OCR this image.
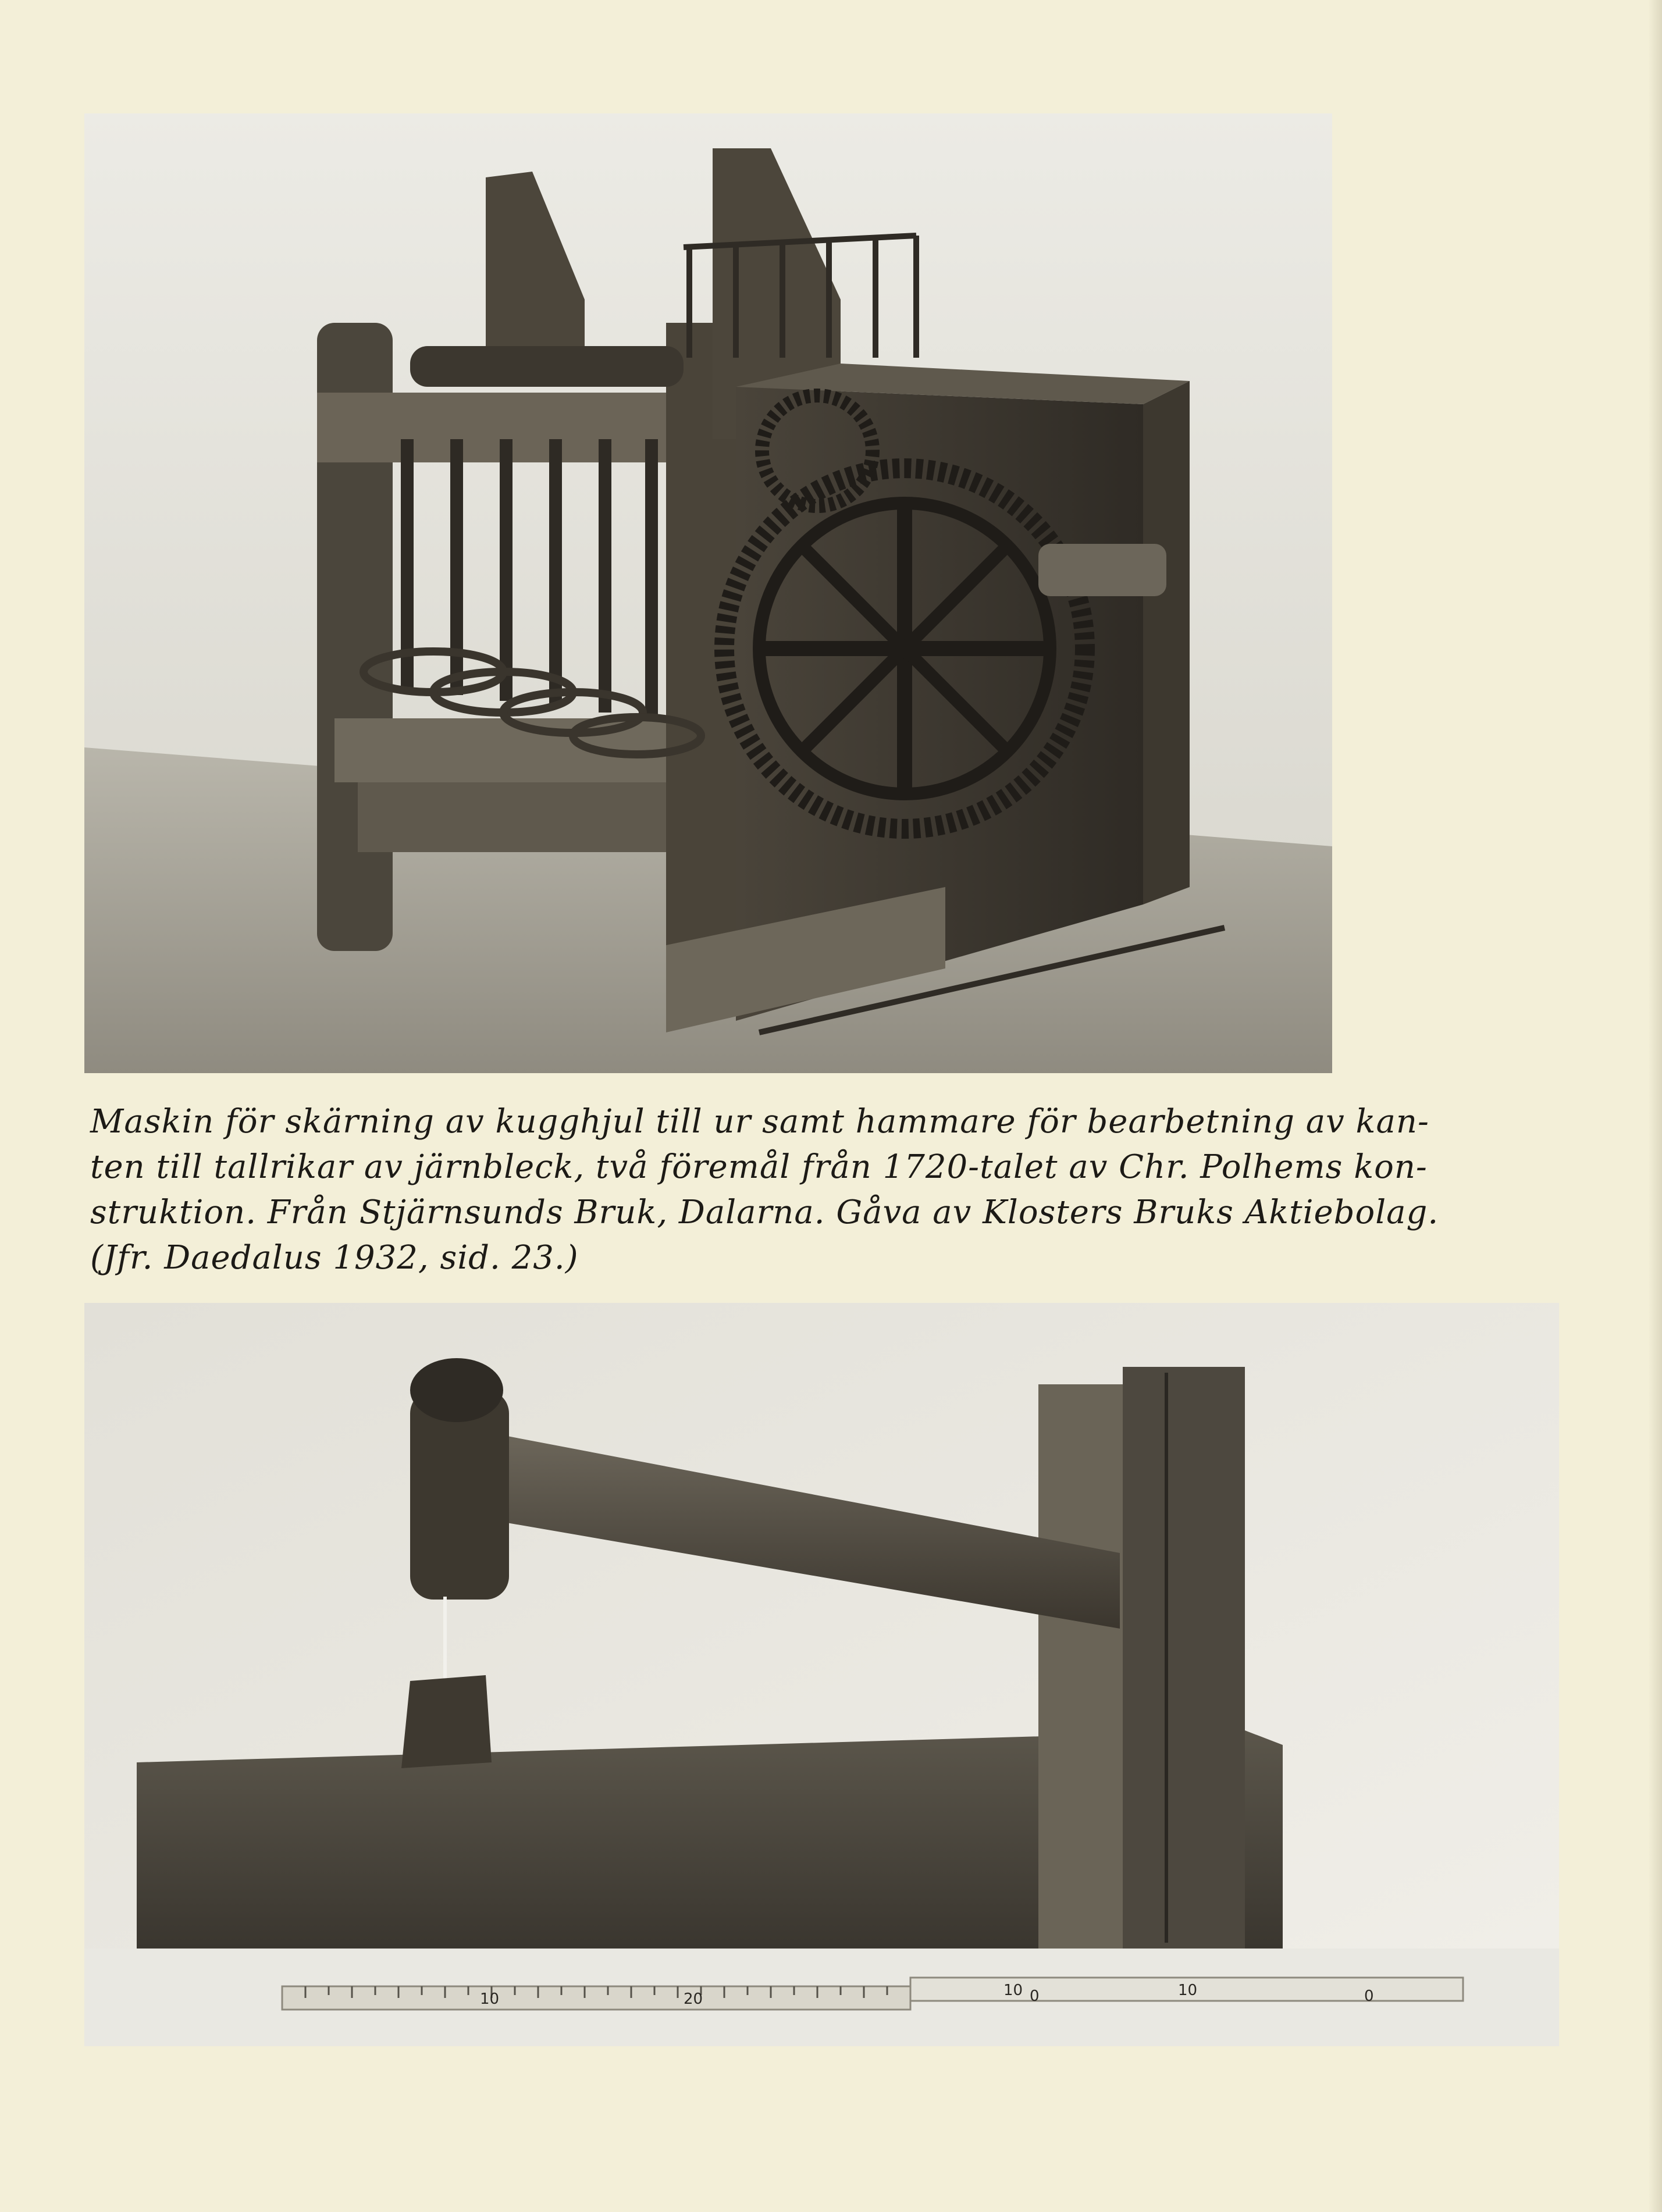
Maskin för skärning av kugghjul till ur samt hammare för bearbetning av kan-
ten till tallrikar av järnbleck, två föremål från 1720-talet av Chr. Polhems kon-
struktion. Från Stjärnsunds Bruk, Dalarna. Gåva av Klosters Bruks Aktiebolag.
(Jfr. Daedalus 1932, sid. 23.)
10	20	10 0	10	0
